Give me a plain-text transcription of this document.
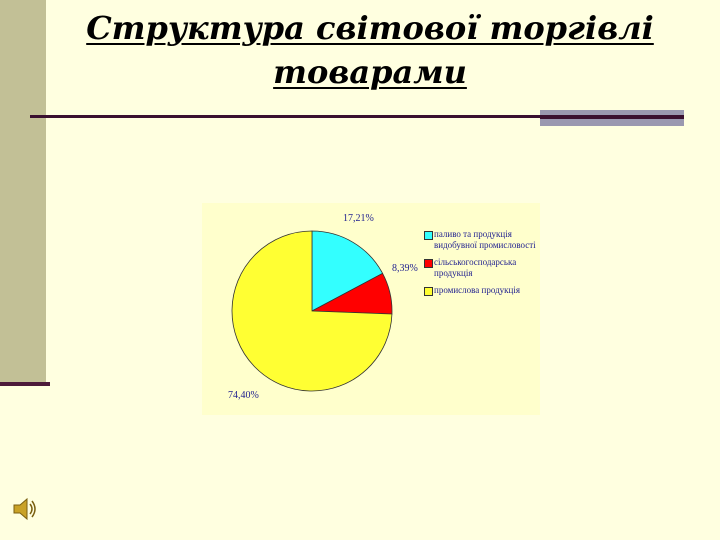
Структура світової торгівлі
товарами
17,21%
8,39%
74,40%
паливо та продукція видобувної промисловості
сільськогосподарська продукція
промислова продукція
